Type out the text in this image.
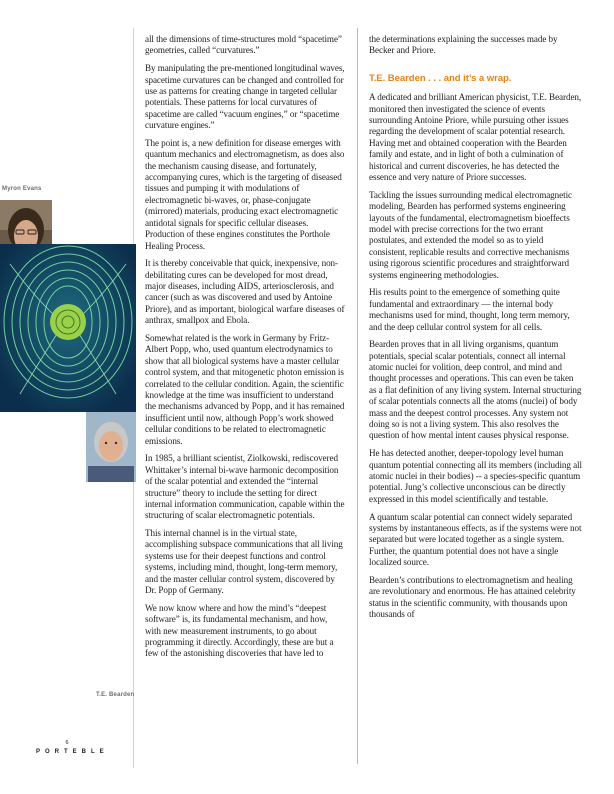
Myron Evans
T.E. Bearden

all the dimensions of time-structures mold “spacetime” geometries, called “curvatures.”

By manipulating the pre-mentioned longitudinal waves, spacetime curvatures can be changed and controlled for use as patterns for creating change in targeted cellular potentials. These patterns for local curvatures of spacetime are called “vacuum engines,” or “spacetime curvature engines.”

The point is, a new definition for disease emerges with quantum mechanics and electromagnetism, as does also the mechanism causing disease, and fortunately, accompanying cures, which is the targeting of diseased tissues and pumping it with modulations of electromagnetic bi-waves, or, phase-conjugate (mirrored) materials, producing exact electromagnetic antidotal signals for specific cellular diseases. Production of these engines constitutes the Porthole Healing Process.

It is thereby conceivable that quick, inexpensive, non-debilitating cures can be developed for most dread, major diseases, including AIDS, arteriosclerosis, and cancer (such as was discovered and used by Antoine Priore), and as important, biological warfare diseases of anthrax, smallpox and Ebola.

Somewhat related is the work in Germany by Fritz-Albert Popp, who, used quantum electrodynamics to show that all biological systems have a master cellular control system, and that mitogenetic photon emission is correlated to the cellular condition. Again, the scientific knowledge at the time was insufficient to understand the mechanisms advanced by Popp, and it has remained insufficient until now, although Popp’s work showed cellular conditions to be related to electromagnetic emissions.

In 1985, a brilliant scientist, Ziolkowski, rediscovered Whittaker’s internal bi-wave harmonic decomposition of the scalar potential and extended the “internal structure” theory to include the setting for direct internal information communication, capable within the structuring of scalar electromagnetic potentials.

This internal channel is in the virtual state, accomplishing subspace communications that all living systems use for their deepest functions and control systems, including mind, thought, long-term memory, and the master cellular control system, discovered by Dr. Popp of Germany.

We now know where and how the mind’s “deepest software” is, its fundamental mechanism, and how, with new measurement instruments, to go about programming it directly. Accordingly, these are but a few of the astonishing discoveries that have led to

the determinations explaining the successes made by Becker and Priore.

T.E. Bearden . . . and it’s a wrap.

A dedicated and brilliant American physicist, T.E. Bearden, monitored then investigated the science of events surrounding Antoine Priore, while pursuing other issues regarding the development of scalar potential research. Having met and obtained cooperation with the Bearden family and estate, and in light of both a culmination of historical and current discoveries, he has detected the essence and very nature of Priore successes.

Tackling the issues surrounding medical electromagnetic modeling, Bearden has performed systems engineering layouts of the fundamental, electromagnetism bioeffects model with precise corrections for the two errant postulates, and extended the model so as to yield consistent, replicable results and corrective mechanisms using rigorous scientific procedures and straightforward systems engineering methodologies.

His results point to the emergence of something quite fundamental and extraordinary — the internal body mechanisms used for mind, thought, long term memory, and the deep cellular control system for all cells.

Bearden proves that in all living organisms, quantum potentials, special scalar potentials, connect all internal atomic nuclei for volition, deep control, and mind and thought processes and operations. This can even be taken as a flat definition of any living system. Internal structuring of scalar potentials connects all the atoms (nuclei) of body mass and the deepest control processes. Any system not doing so is not a living system. This also resolves the question of how mental intent causes physical response.

He has detected another, deeper-topology level human quantum potential connecting all its members (including all atomic nuclei in their bodies) -- a species-specific quantum potential. Jung’s collective unconscious can be directly expressed in this model scientifically and testable.

A quantum scalar potential can connect widely separated systems by instantaneous effects, as if the systems were not separated but were located together as a single system. Further, the quantum potential does not have a single localized source.

Bearden’s contributions to electromagnetism and healing are revolutionary and enormous. He has attained celebrity status in the scientific community, with thousands upon thousands of

6
PORTEBLE
